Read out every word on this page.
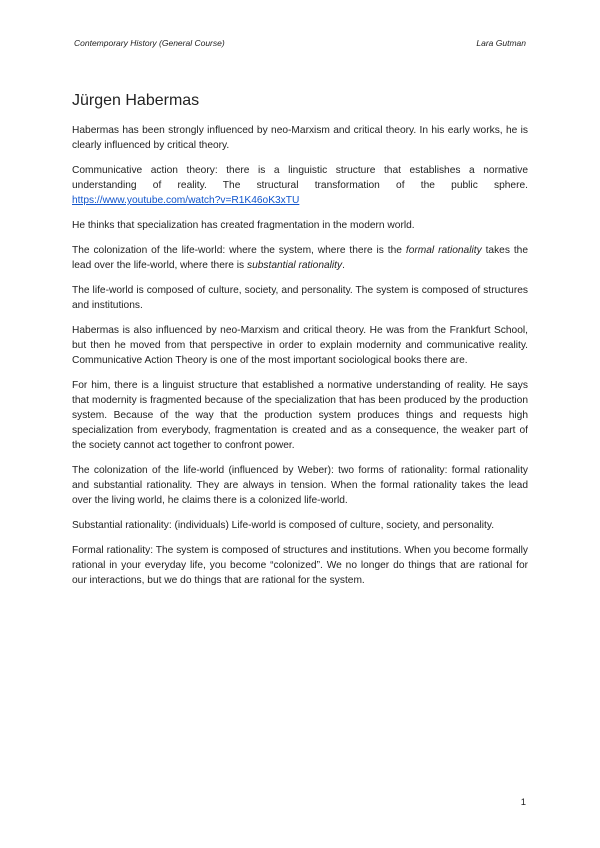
Contemporary History (General Course)	Lara Gutman
Jürgen Habermas

Habermas has been strongly influenced by neo-Marxism and critical theory. In his early works, he is clearly influenced by critical theory.

Communicative action theory: there is a linguistic structure that establishes a normative understanding of reality. The structural transformation of the public sphere. https://www.youtube.com/watch?v=R1K46oK3xTU

He thinks that specialization has created fragmentation in the modern world.

The colonization of the life-world: where the system, where there is the formal rationality takes the lead over the life-world, where there is substantial rationality.

The life-world is composed of culture, society, and personality. The system is composed of structures and institutions.

Habermas is also influenced by neo-Marxism and critical theory. He was from the Frankfurt School, but then he moved from that perspective in order to explain modernity and communicative reality. Communicative Action Theory is one of the most important sociological books there are.

For him, there is a linguist structure that established a normative understanding of reality. He says that modernity is fragmented because of the specialization that has been produced by the production system. Because of the way that the production system produces things and requests high specialization from everybody, fragmentation is created and as a consequence, the weaker part of the society cannot act together to confront power.

The colonization of the life-world (influenced by Weber): two forms of rationality: formal rationality and substantial rationality. They are always in tension. When the formal rationality takes the lead over the living world, he claims there is a colonized life-world.

Substantial rationality: (individuals) Life-world is composed of culture, society, and personality.

Formal rationality: The system is composed of structures and institutions. When you become formally rational in your everyday life, you become “colonized”. We no longer do things that are rational for our interactions, but we do things that are rational for the system.

1
